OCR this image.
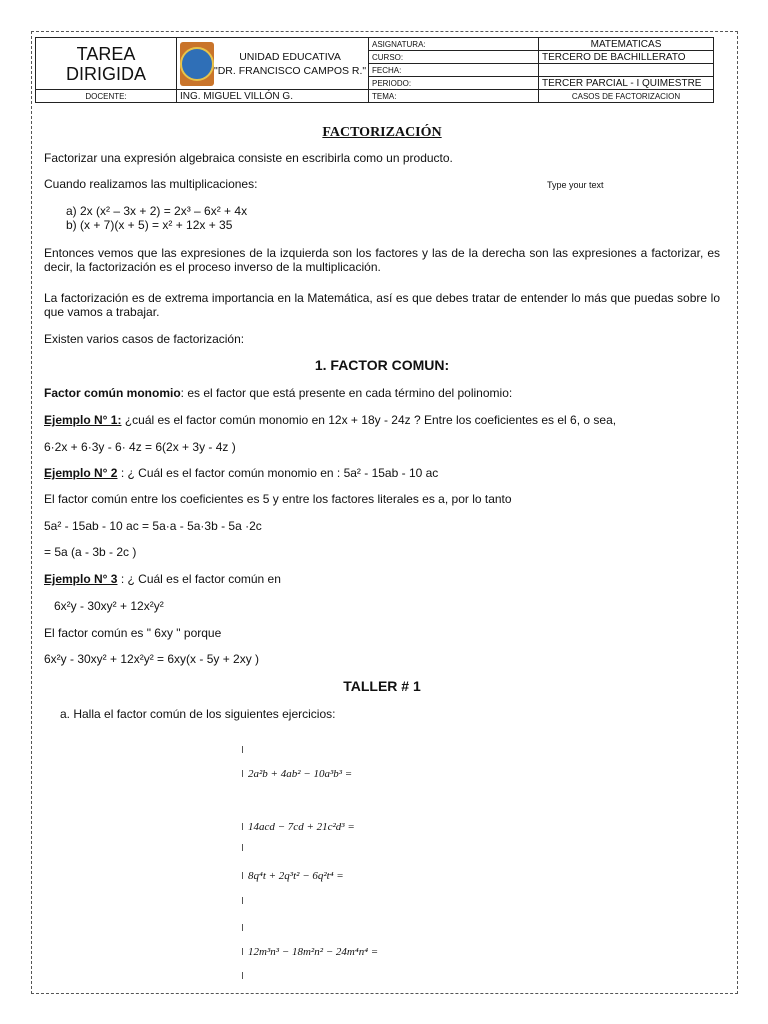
TAREA
DIRIGIDA	UNIDAD EDUCATIVA
"DR. FRANCISCO CAMPOS R."	ASIGNATURA:	MATEMATICAS
		CURSO:	TERCERO DE BACHILLERATO
		FECHA:	
		PERIODO:	TERCER PARCIAL - I QUIMESTRE
DOCENTE:	ING. MIGUEL VILLÓN G.	TEMA:	CASOS DE FACTORIZACION
FACTORIZACIÓN
Factorizar una expresión algebraica consiste en escribirla como un producto.
Cuando realizamos las multiplicaciones:	Type your text
a) 2x (x² – 3x + 2) = 2x³ – 6x² + 4x
b) (x + 7)(x + 5) = x² + 12x + 35
Entonces vemos que las expresiones de la izquierda son los factores y las de la derecha son las expresiones a factorizar, es decir, la factorización es el proceso inverso de la multiplicación.
La factorización es de extrema importancia en la Matemática, así es que debes tratar de entender lo más que puedas sobre lo que vamos a trabajar.
Existen varios casos de factorización:
1. FACTOR COMUN:
Factor común monomio: es el factor que está presente en cada término del polinomio:
Ejemplo N° 1: ¿cuál es el factor común monomio en 12x + 18y - 24z ? Entre los coeficientes es el 6, o sea,
6·2x + 6·3y - 6· 4z = 6(2x + 3y - 4z )
Ejemplo N° 2 : ¿ Cuál es el factor común monomio en : 5a² - 15ab - 10 ac
El factor común entre los coeficientes es 5 y entre los factores literales es a, por lo tanto
5a² - 15ab - 10 ac = 5a·a - 5a·3b - 5a ·2c
= 5a (a - 3b - 2c )
Ejemplo N° 3 : ¿ Cuál es el factor común en
6x²y - 30xy² + 12x²y²
El factor común es " 6xy " porque
6x²y - 30xy² + 12x²y² = 6xy(x - 5y + 2xy )
TALLER # 1
a. Halla el factor común de los siguientes ejercicios:
2a²b + 4ab² − 10a³b³ =
14acd − 7cd + 21c²d³ =
8q⁴t + 2q³t² − 6q²t⁴ =
12m³n³ − 18m²n² − 24m⁴n⁴ =
